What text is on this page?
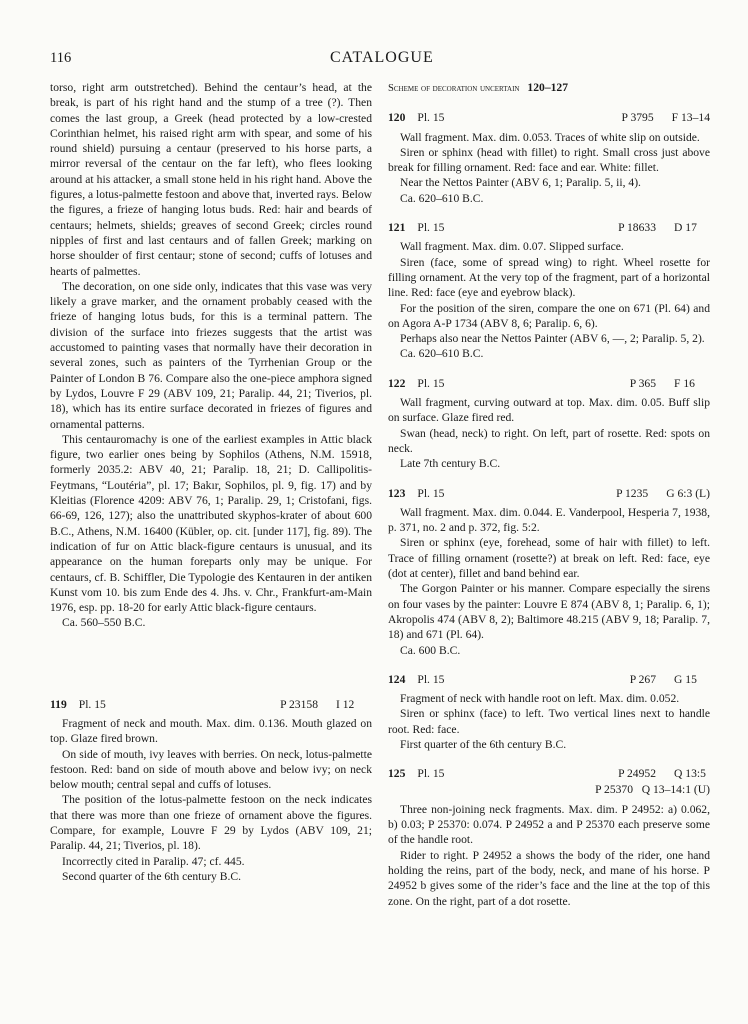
116	CATALOGUE

torso, right arm outstretched). Behind the centaur’s head, at the break, is part of his right hand and the stump of a tree (?). Then comes the last group, a Greek (head protected by a low-crested Corinthian helmet, his raised right arm with spear, and some of his round shield) pursuing a centaur (preserved to his horse parts, a mirror reversal of the centaur on the far left), who flees looking around at his attacker, a small stone held in his right hand. Above the figures, a lotus-palmette festoon and above that, inverted rays. Below the figures, a frieze of hanging lotus buds. Red: hair and beards of centaurs; helmets, shields; greaves of second Greek; circles round nipples of first and last centaurs and of fallen Greek; marking on horse shoulder of first centaur; stone of second; cuffs of lotuses and hearts of palmettes.

The decoration, on one side only, indicates that this vase was very likely a grave marker, and the ornament probably ceased with the frieze of hanging lotus buds, for this is a terminal pattern. The division of the surface into friezes suggests that the artist was accustomed to painting vases that normally have their decoration in several zones, such as painters of the Tyrrhenian Group or the Painter of London B 76. Compare also the one-piece amphora signed by Lydos, Louvre F 29 (ABV 109, 21; Paralip. 44, 21; Tiverios, pl. 18), which has its entire surface decorated in friezes of figures and ornamental patterns.

This centauromachy is one of the earliest examples in Attic black figure, two earlier ones being by Sophilos (Athens, N.M. 15918, formerly 2035.2: ABV 40, 21; Paralip. 18, 21; D. Callipolitis-Feytmans, “Loutéria”, pl. 17; Bakır, Sophilos, pl. 9, fig. 17) and by Kleitias (Florence 4209: ABV 76, 1; Paralip. 29, 1; Cristofani, figs. 66-69, 126, 127); also the unattributed skyphos-krater of about 600 B.C., Athens, N.M. 16400 (Kübler, op. cit. [under 117], fig. 89). The indication of fur on Attic black-figure centaurs is unusual, and its appearance on the human foreparts only may be unique. For centaurs, cf. B. Schiffler, Die Typologie des Kentauren in der antiken Kunst vom 10. bis zum Ende des 4. Jhs. v. Chr., Frankfurt-am-Main 1976, esp. pp. 18-20 for early Attic black-figure centaurs.

Ca. 560–550 B.C.

119 Pl. 15	P 23158 I 12

Fragment of neck and mouth. Max. dim. 0.136. Mouth glazed on top. Glaze fired brown.

On side of mouth, ivy leaves with berries. On neck, lotus-palmette festoon. Red: band on side of mouth above and below ivy; on neck below mouth; central sepal and cuffs of lotuses.

The position of the lotus-palmette festoon on the neck indicates that there was more than one frieze of ornament above the figures. Compare, for example, Louvre F 29 by Lydos (ABV 109, 21; Paralip. 44, 21; Tiverios, pl. 18).

Incorrectly cited in Paralip. 47; cf. 445.

Second quarter of the 6th century B.C.

Scheme of decoration uncertain 120–127
120 Pl. 15	P 3795 F 13–14

Wall fragment. Max. dim. 0.053. Traces of white slip on outside.

Siren or sphinx (head with fillet) to right. Small cross just above break for filling ornament. Red: face and ear. White: fillet.

Near the Nettos Painter (ABV 6, 1; Paralip. 5, ii, 4).

Ca. 620–610 B.C.

121 Pl. 15	P 18633 D 17

Wall fragment. Max. dim. 0.07. Slipped surface.

Siren (face, some of spread wing) to right. Wheel rosette for filling ornament. At the very top of the fragment, part of a horizontal line. Red: face (eye and eyebrow black).

For the position of the siren, compare the one on 671 (Pl. 64) and on Agora A-P 1734 (ABV 8, 6; Paralip. 6, 6).

Perhaps also near the Nettos Painter (ABV 6, —, 2; Paralip. 5, 2).

Ca. 620–610 B.C.

122 Pl. 15	P 365 F 16

Wall fragment, curving outward at top. Max. dim. 0.05. Buff slip on surface. Glaze fired red.

Swan (head, neck) to right. On left, part of rosette. Red: spots on neck.

Late 7th century B.C.

123 Pl. 15	P 1235 G 6:3 (L)

Wall fragment. Max. dim. 0.044. E. Vanderpool, Hesperia 7, 1938, p. 371, no. 2 and p. 372, fig. 5:2.

Siren or sphinx (eye, forehead, some of hair with fillet) to left. Trace of filling ornament (rosette?) at break on left. Red: face, eye (dot at center), fillet and band behind ear.

The Gorgon Painter or his manner. Compare especially the sirens on four vases by the painter: Louvre E 874 (ABV 8, 1; Paralip. 6, 1); Akropolis 474 (ABV 8, 2); Baltimore 48.215 (ABV 9, 18; Paralip. 7, 18) and 671 (Pl. 64).

Ca. 600 B.C.

124 Pl. 15	P 267 G 15

Fragment of neck with handle root on left. Max. dim. 0.052.

Siren or sphinx (face) to left. Two vertical lines next to handle root. Red: face.

First quarter of the 6th century B.C.

125 Pl. 15	P 24952 Q 13:5
P 25370 Q 13–14:1 (U)

Three non-joining neck fragments. Max. dim. P 24952: a) 0.062, b) 0.03; P 25370: 0.074. P 24952 a and P 25370 each preserve some of the handle root.

Rider to right. P 24952 a shows the body of the rider, one hand holding the reins, part of the body, neck, and mane of his horse. P 24952 b gives some of the rider’s face and the line at the top of this zone. On the right, part of a dot rosette.
